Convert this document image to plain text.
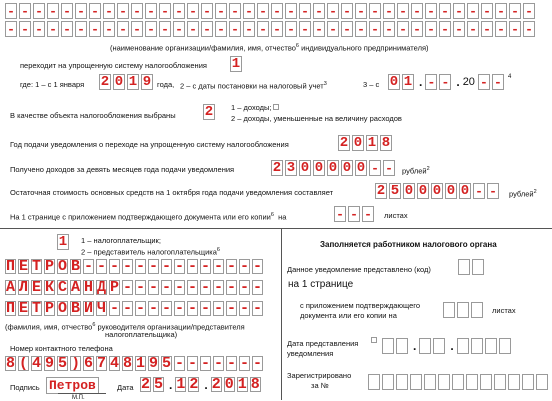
- - - - - - - - - - - - - - - - - - - - - - - - - - - - - - - - - - - - - -
- - - - - - - - - - - - - - - - - - - - - - - - - - - - - - - - - - - - - -
(наименование организации/фамилия, имя, отчество$^6$ индивидуального предпринимателя)
переходит на упрощенную систему налогообложения 1
где: 1 – с 1 января 2 0 1 9 года, 2 – с даты постановки на налоговый учет$^3$	3 – с 0 1 . - - . 20 - -	4
В качестве объекта налогообложения выбраны 2 1 – доходы;
2 – доходы, уменьшенные на величину расходов
Год подачи уведомления о переходе на упрощенную систему налогообложения	2 0 1 8
Получено доходов за девять месяцев года подачи уведомления	2 3 0 0 0 0 0 - - рублей$^2$
Остаточная стоимость основных средств на 1 октября года подачи уведомления составляет	2 5 0 0 0 0 0 - - рублей$^2$
На 1 странице с приложением подтверждающего документа или его копии$^6$ на	- - - листах
1 1 – налогоплательщик;
2 – представитель налогоплательщика$^6$
П Е Т Р О В - - - - - - - - - - - - - -
А Л Е К С А Н Д Р - - - - - - - - - - -
П Е Т Р О В И Ч - - - - - - - - - - - -
(фамилия, имя, отчество$^6$ руководителя организации/представителя
налогоплательщика)
Номер контактного телефона
8 ( 4 9 5 ) 6 7 4 8 1 9 5 - - - - - - -
Подпись Петров
М.П.
Дата 2 5 . 1 2 . 2 0 1 8
Заполняется работником налогового органа
Данное уведомление представлено (код)
на 1 странице
с приложением подтверждающего
документа или его копии на
листах
Дата представления
уведомления
.	.
Зарегистрировано
за №
